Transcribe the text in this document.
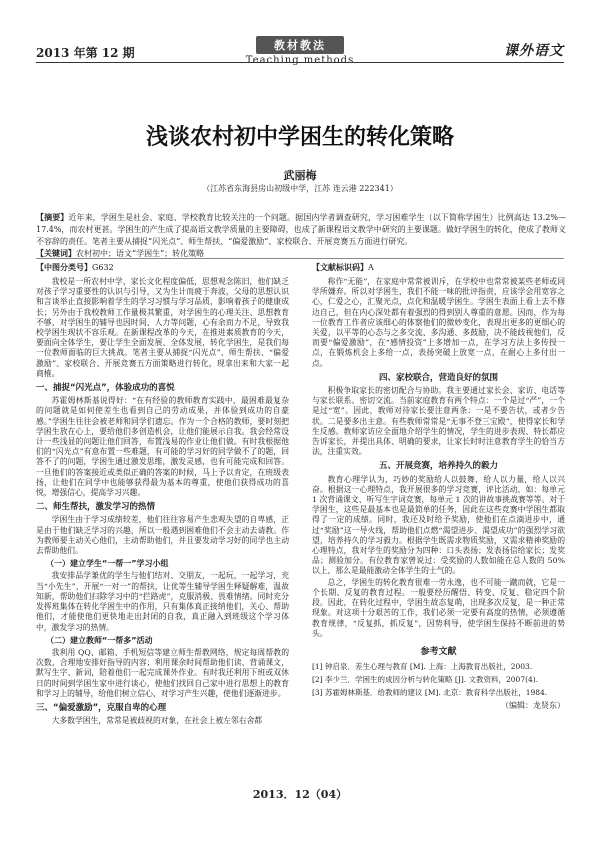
2013 年第 12 期
教材教法
Teaching methods
课外语文
浅谈农村初中学困生的转化策略
武丽梅
（江苏省东海县房山初级中学，江苏 连云港 222341）
【摘要】近年来，学困生是社会、家庭、学校教育比较关注的一个问题。据国内学者调查研究，学习困难学生（以下简称学困生）比例高达 13.2%—17.4%，而农村更甚。学困生的产生成了提高语文教学质量的主要障碍，也成了新课程语文教学中研究的主要课题。做好学困生的转化，使成了教师义不容辞的责任。笔者主要从捕捉“闪光点”、师生帮扶、“偏爱激励”、家校联合、开展竞赛五方面进行研究。
【关键词】农村初中；语文“学困生”；转化策略
【中图分类号】G632	【文献标识码】A

我校是一所农村中学，家长文化程度偏低，思想观念陈旧，他们缺乏对孩子学习重要性的认识与引导，又为生计而疲于奔波，父母的思想认识和言谈举止直接影响着学生的学习习惯与学习品质，影响着孩子的健康成长；另外由于我校教师工作量极其繁重，对学困生的心理关注、思想教育不够，对学困生的辅导也因时间、人力等问题，心有余而力不足，导致我校学困生现状不容乐观。在新课程改革的今天，在推进素质教育的今天，要面向全体学生，要让学生全面发展、全体发展，转化学困生，是我们每一位教师面临的巨大挑战。笔者主要从捕捉“闪光点”、师生帮扶、“偏爱激励”、家校联合、开展竞赛五方面策略进行转化，现拿出来和大家一起商榷。

一、捕捉“闪光点”，体验成功的喜悦

苏霍姆林斯基说得好：“在有经验的教师教育实践中，最困难最复杂的问题就是如何使差生也看到自己的劳动成果，并体验到成功的自豪感。”学困生往往会被老师和同学们遗忘。作为一个合格的教师，要时刻把学困生放在心上，要给他们多创造机会，让他们能展示自我。我会经常设计一些浅显的问题让他们回答，布置浅易的作业让他们做。有时我根据他们的“闪光点”有意布置一些难题，有可能的学习好的同学做不了的题，回答不了的问题，学困生通过激发思维，激发灵感，也有可能完成和回答。一旦他们的答案接近或类似正确的答案的时候，马上予以肯定，在班级表扬，让他们在同学中也能够获得最为基本的尊重，使他们获得成功的喜悦，增强信心，提高学习兴趣。

二、师生帮扶，激发学习的热情

学困生由于学习成绩较差，他们往往容易产生悲观失望的自卑感，正是由于他们缺乏学习的兴趣，所以一般遇到困难他们不会主动去请教。作为教师要主动关心他们，主动帮助他们，并且要发动学习好的同学也主动去帮助他们。

（一）建立学生“一帮一”学习小组

我安排品学兼优的学生与他们结对、交朋友，一起玩，一起学习，充当“小先生”，开展“一对一”的帮扶，让优等生辅导学困生释疑解难，温故知新，帮助他们扫除学习中的“拦路虎”，克服消极、畏难情绪。同时充分发挥班集体在转化学困生中的作用，只有集体真正接纳他们，关心、帮助他们，才能使他们更快地走出封闭的自我，真正融入到班级这个学习体中，激发学习的热情。

（二）建立教师“一帮多”活动

我利用 QQ、邮箱、手机短信等建立师生帮教网络，规定每周帮教的次数，合理地安排好指导的内容；利用课余时间帮助他们读、背诵课文，默写生字、新词，陪着他们一起完成课外作业。有时我还利用下班或双休日的时间到学困生家中进行谈心，使他们找回自己家中进行思想上的教育和学习上的辅导，给他们树立信心，对学习产生兴趣，使他们逐渐进步。

三、“偏爱激励”，克服自卑的心理

大多数学困生，常常是被歧视的对象，在社会上被左邻右舍都

称作“无能”，在家庭中常常被训斥，在学校中也常常被某些老师或同学所嫌弃。所以对学困生，我们不能一味的批评指责，应该学会用宽容之心，仁爱之心，汇聚光点，点化和温暖学困生。学困生表面上看上去不修边自己，但在内心深处都有着强烈的得到别人尊重的意愿。因而，作为每一位教育工作者应该细心的体察他们的微妙变化，表现出更多的更细心的关爱，以平等的心态与之多交流、多沟通、多鼓励，决不能歧视他们，反而要“偏爱激励”，在“感情投资”上多增加一点，在学习方法上多传授一点，在锻炼机会上多给一点，表扬突破上放宽一点，在耐心上多付出一点。

四、家校联合，营造良好的氛围

积极争取家长的密切配合与协助。我主要通过家长会、家访、电话等与家长联系。密切交流。当前家庭教育有两个特点：一个是过“严”，一个是过“宽”。因此，教师对待家长要注意两条：一是不要告状，或者少告状。二是要多出主意。有些教师常常是“无事不登三宝殿”，使得家长和学生反感。教师家访应全面地介绍学生的情况，学生的进步表现、特长都应告诉家长，并提出具体、明确的要求，让家长时时注意教育学生的恰当方法，注重实效。

五、开展竞赛，培养持久的毅力

教育心理学认为，巧妙的奖励给人以鼓舞，给人以力量，给人以兴奋。根据这一心理特点，我开展很多的学习竞赛，评比活动，如：每单元 1 次背诵课文、听写生字词竞赛，每单元 1 次的讲故事挑战赛等等。对于学困生，这些是最基本也是最简单的任务，因此在这些竞赛中学困生都取得了一定的成绩。同时，我还及时给予奖励，使他们在点滴进步中，通过“奖励”这一导火线，帮助他们点燃“渴望进步、渴望成功”的强烈学习欲望，培养持久的学习毅力。根据学生既需求物质奖励，又需求精神奖励的心理特点，我对学生的奖励分为四种：口头表扬；发表扬信给家长；发奖品；测验加分。有位教育家曾说过：受奖励的人数如能在总人数的 50% 以上，那么是最能激动全体学生的士气的。

总之，学困生的转化教育很难一劳永逸，也不可能一蹴而就，它是一个长期、反复的教育过程。一般要经历醒悟、转变、反复、稳定四个阶段。因此，在转化过程中，学困生故态复萌，出现多次反复，是一种正常现象。对这项十分艰苦的工作，我们必须一定要有高度的热情，必须遵循教育规律，“反复抓，抓反复”，因势利导，使学困生保持不断前进的势头。

参考文献
[1] 钟启泉．差生心理与教育 [M]. 上海：上海教育出版社，2003.
[2] 李少兰．学困生的成因分析与转化策略 [J]. 文教资料，2007(4).
[3] 苏霍姆林斯基．给教师的建议 [M]. 北京：教育科学出版社，1984.
（编辑：龙贤东）
2013．12（04）
